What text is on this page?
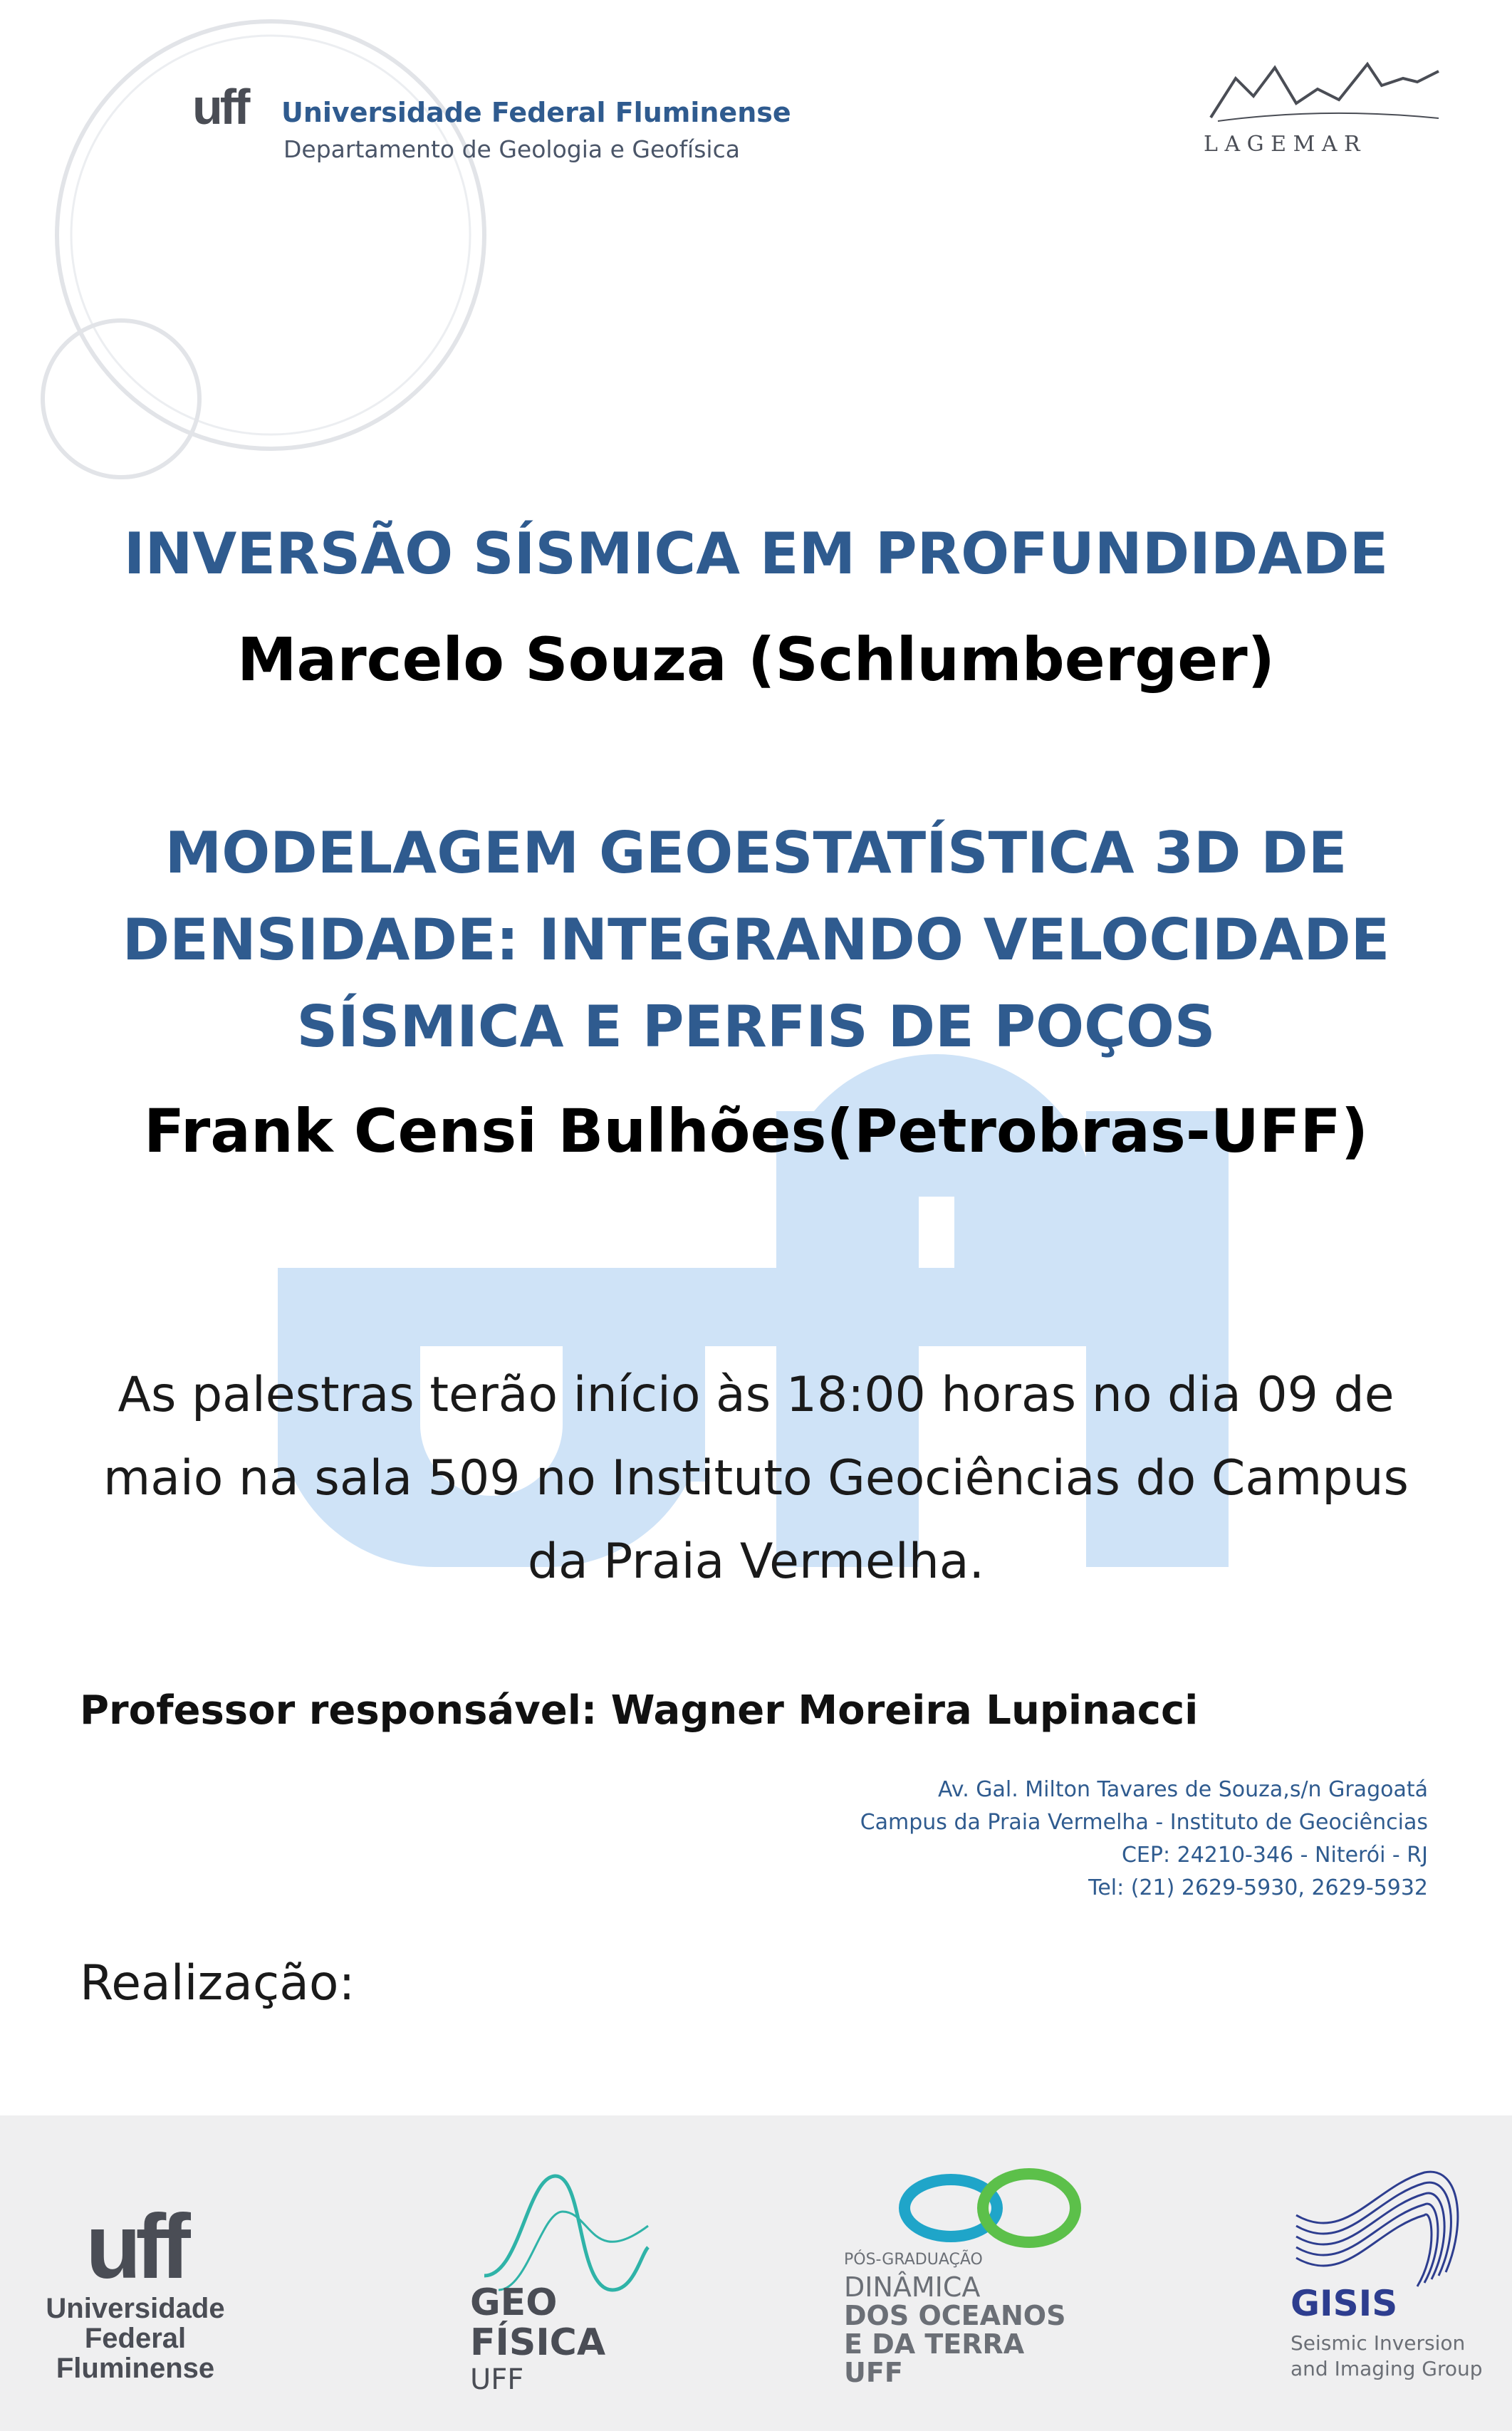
uff Universidade Federal Fluminense
Departamento de Geologia e Geofísica	L A G E M A R
INVERSÃO SÍSMICA EM PROFUNDIDADE
Marcelo Souza (Schlumberger)
MODELAGEM GEOESTATÍSTICA 3D DE
DENSIDADE: INTEGRANDO VELOCIDADE
SÍSMICA E PERFIS DE POÇOS
Frank Censi Bulhões(Petrobras-UFF)
As palestras terão início às 18:00 horas no dia 09 de
maio na sala 509 no Instituto Geociências do Campus
da Praia Vermelha.
Professor responsável: Wagner Moreira Lupinacci
Av. Gal. Milton Tavares de Souza,s/n Gragoatá
Campus da Praia Vermelha - Instituto de Geociências
CEP: 24210-346 - Niterói - RJ
Tel: (21) 2629-5930, 2629-5932
Realização:
uff
Universidade
Federal
Fluminense
GEO
FÍSICA
UFF
PÓS-GRADUAÇÃO
DINÂMICA
DOS OCEANOS
E DA TERRA
UFF
GISIS
Seismic Inversion
and Imaging Group
